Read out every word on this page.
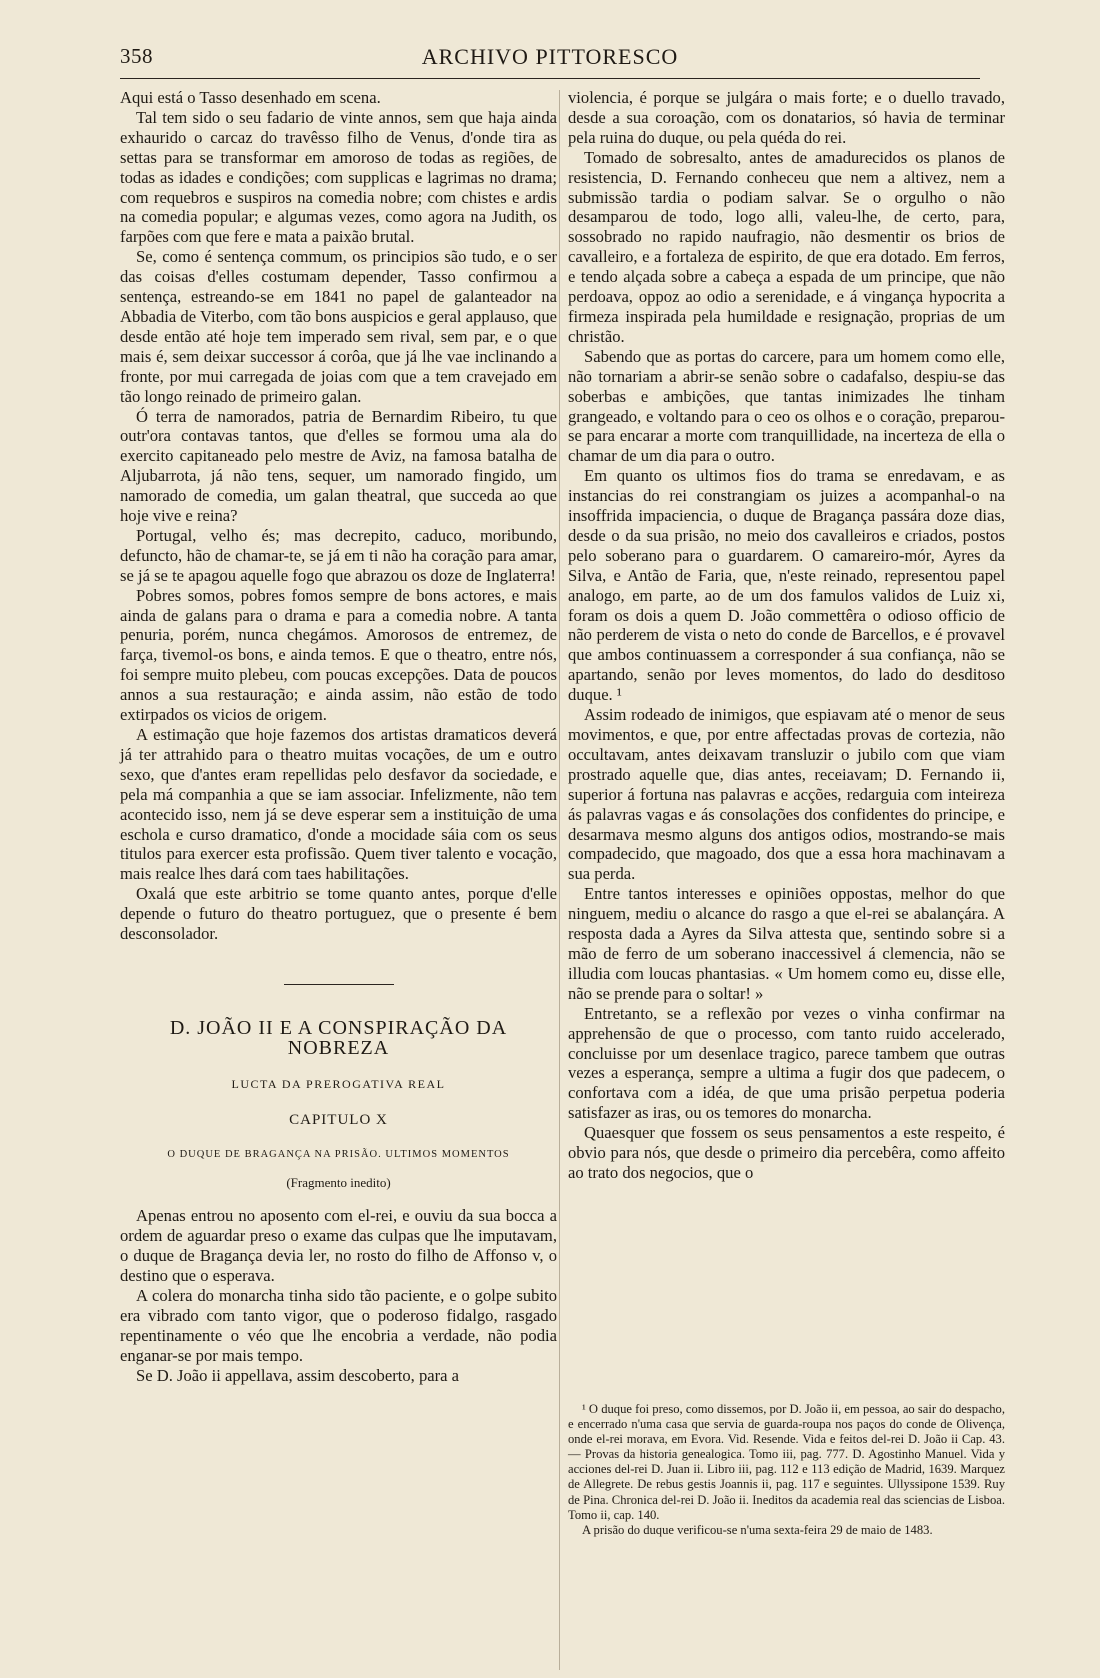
358	ARCHIVO PITTORESCO

Aqui está o Tasso desenhado em scena.

Tal tem sido o seu fadario de vinte annos, sem que haja ainda exhaurido o carcaz do travêsso filho de Venus, d'onde tira as settas para se transformar em amoroso de todas as regiões, de todas as idades e condições; com supplicas e lagrimas no drama; com requebros e suspiros na comedia nobre; com chistes e ardis na comedia popular; e algumas vezes, como agora na Judith, os farpões com que fere e mata a paixão brutal.

Se, como é sentença commum, os principios são tudo, e o ser das coisas d'elles costumam depender, Tasso confirmou a sentença, estreando-se em 1841 no papel de galanteador na Abbadia de Viterbo, com tão bons auspicios e geral applauso, que desde então até hoje tem imperado sem rival, sem par, e o que mais é, sem deixar successor á corôa, que já lhe vae inclinando a fronte, por mui carregada de joias com que a tem cravejado em tão longo reinado de primeiro galan.

Ó terra de namorados, patria de Bernardim Ribeiro, tu que outr'ora contavas tantos, que d'elles se formou uma ala do exercito capitaneado pelo mestre de Aviz, na famosa batalha de Aljubarrota, já não tens, sequer, um namorado fingido, um namorado de comedia, um galan theatral, que succeda ao que hoje vive e reina?

Portugal, velho és; mas decrepito, caduco, moribundo, defuncto, hão de chamar-te, se já em ti não ha coração para amar, se já se te apagou aquelle fogo que abrazou os doze de Inglaterra!

Pobres somos, pobres fomos sempre de bons actores, e mais ainda de galans para o drama e para a comedia nobre. A tanta penuria, porém, nunca chegámos. Amorosos de entremez, de farça, tivemol-os bons, e ainda temos. E que o theatro, entre nós, foi sempre muito plebeu, com poucas excepções. Data de poucos annos a sua restauração; e ainda assim, não estão de todo extirpados os vicios de origem.

A estimação que hoje fazemos dos artistas dramaticos deverá já ter attrahido para o theatro muitas vocações, de um e outro sexo, que d'antes eram repellidas pelo desfavor da sociedade, e pela má companhia a que se iam associar. Infelizmente, não tem acontecido isso, nem já se deve esperar sem a instituição de uma eschola e curso dramatico, d'onde a mocidade sáia com os seus titulos para exercer esta profissão. Quem tiver talento e vocação, mais realce lhes dará com taes habilitações.

Oxalá que este arbitrio se tome quanto antes, porque d'elle depende o futuro do theatro portuguez, que o presente é bem desconsolador.

D. JOÃO II E A CONSPIRAÇÃO DA NOBREZA
LUCTA DA PREROGATIVA REAL
CAPITULO X
O DUQUE DE BRAGANÇA NA PRISÃO. ULTIMOS MOMENTOS
(Fragmento inedito)

Apenas entrou no aposento com el-rei, e ouviu da sua bocca a ordem de aguardar preso o exame das culpas que lhe imputavam, o duque de Bragança devia ler, no rosto do filho de Affonso v, o destino que o esperava.

A colera do monarcha tinha sido tão paciente, e o golpe subito era vibrado com tanto vigor, que o poderoso fidalgo, rasgado repentinamente o véo que lhe encobria a verdade, não podia enganar-se por mais tempo.

Se D. João ii appellava, assim descoberto, para a

violencia, é porque se julgára o mais forte; e o duello travado, desde a sua coroação, com os donatarios, só havia de terminar pela ruina do duque, ou pela quéda do rei.

Tomado de sobresalto, antes de amadurecidos os planos de resistencia, D. Fernando conheceu que nem a altivez, nem a submissão tardia o podiam salvar. Se o orgulho o não desamparou de todo, logo alli, valeu-lhe, de certo, para, sossobrado no rapido naufragio, não desmentir os brios de cavalleiro, e a fortaleza de espirito, de que era dotado. Em ferros, e tendo alçada sobre a cabeça a espada de um principe, que não perdoava, oppoz ao odio a serenidade, e á vingança hypocrita a firmeza inspirada pela humildade e resignação, proprias de um christão.

Sabendo que as portas do carcere, para um homem como elle, não tornariam a abrir-se senão sobre o cadafalso, despiu-se das soberbas e ambições, que tantas inimizades lhe tinham grangeado, e voltando para o ceo os olhos e o coração, preparou-se para encarar a morte com tranquillidade, na incerteza de ella o chamar de um dia para o outro.

Em quanto os ultimos fios do trama se enredavam, e as instancias do rei constrangiam os juizes a acompanhal-o na insoffrida impaciencia, o duque de Bragança passára doze dias, desde o da sua prisão, no meio dos cavalleiros e criados, postos pelo soberano para o guardarem. O camareiro-mór, Ayres da Silva, e Antão de Faria, que, n'este reinado, representou papel analogo, em parte, ao de um dos famulos validos de Luiz xi, foram os dois a quem D. João commettêra o odioso officio de não perderem de vista o neto do conde de Barcellos, e é provavel que ambos continuassem a corresponder á sua confiança, não se apartando, senão por leves momentos, do lado do desditoso duque. ¹

Assim rodeado de inimigos, que espiavam até o menor de seus movimentos, e que, por entre affectadas provas de cortezia, não occultavam, antes deixavam transluzir o jubilo com que viam prostrado aquelle que, dias antes, receiavam; D. Fernando ii, superior á fortuna nas palavras e acções, redarguia com inteireza ás palavras vagas e ás consolações dos confidentes do principe, e desarmava mesmo alguns dos antigos odios, mostrando-se mais compadecido, que magoado, dos que a essa hora machinavam a sua perda.

Entre tantos interesses e opiniões oppostas, melhor do que ninguem, mediu o alcance do rasgo a que el-rei se abalançára. A resposta dada a Ayres da Silva attesta que, sentindo sobre si a mão de ferro de um soberano inaccessivel á clemencia, não se illudia com loucas phantasias. « Um homem como eu, disse elle, não se prende para o soltar! »

Entretanto, se a reflexão por vezes o vinha confirmar na apprehensão de que o processo, com tanto ruido accelerado, concluisse por um desenlace tragico, parece tambem que outras vezes a esperança, sempre a ultima a fugir dos que padecem, o confortava com a idéa, de que uma prisão perpetua poderia satisfazer as iras, ou os temores do monarcha.

Quaesquer que fossem os seus pensamentos a este respeito, é obvio para nós, que desde o primeiro dia percebêra, como affeito ao trato dos negocios, que o

¹ O duque foi preso, como dissemos, por D. João ii, em pessoa, ao sair do despacho, e encerrado n'uma casa que servia de guarda-roupa nos paços do conde de Olivença, onde el-rei morava, em Evora. Vid. Resende. Vida e feitos del-rei D. João ii Cap. 43.— Provas da historia genealogica. Tomo iii, pag. 777. D. Agostinho Manuel. Vida y acciones del-rei D. Juan ii. Libro iii, pag. 112 e 113 edição de Madrid, 1639. Marquez de Allegrete. De rebus gestis Joannis ii, pag. 117 e seguintes. Ullyssipone 1539. Ruy de Pina. Chronica del-rei D. João ii. Ineditos da academia real das sciencias de Lisboa. Tomo ii, cap. 140.

A prisão do duque verificou-se n'uma sexta-feira 29 de maio de 1483.
